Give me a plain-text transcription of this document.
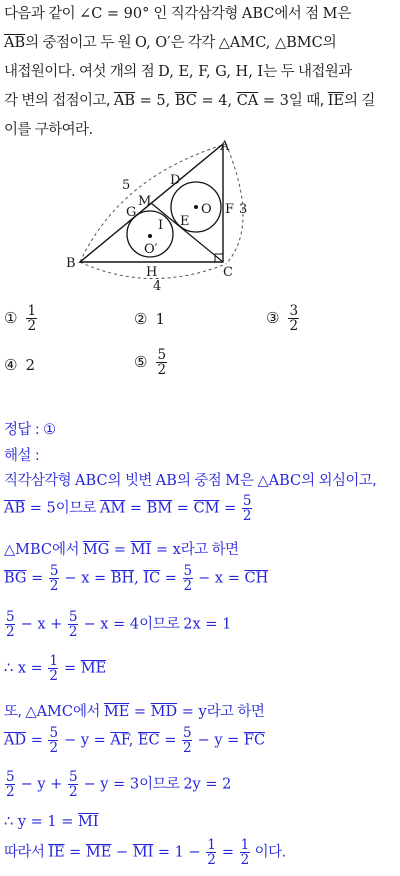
다음과 같이 ∠C = 90° 인 직각삼각형 ABC에서 점 M은
$\overline{AB}$의 중점이고 두 원 O, O′은 각각 △AMC, △BMC의
내접원이다. 여섯 개의 점 D, E, F, G, H, I는 두 내접원과
각 변의 접점이고, $\overline{AB} = 5$, $\overline{BC} = 4$, $\overline{CA} = 3$일 때, $\overline{IE}$의 길
이를 구하여라.
A
B
C
M
D
G	O
O′
I E
F
H
5
3
4
① $\frac{1}{2}$	② 1	③ $\frac{3}{2}$
④ 2	⑤ $\frac{5}{2}$
정답 : ①
해설 :
직각삼각형 ABC의 빗변 AB의 중점 M은 △ABC의 외심이고,
$\overline{AB} = 5$이므로 $\overline{AM} = \overline{BM} = \overline{CM} = \frac{5}{2}$
△MBC에서 $\overline{MG} = \overline{MI} = x$라고 하면
$\overline{BG} = \frac{5}{2} - x = \overline{BH}$, $\overline{IC} = \frac{5}{2} - x = \overline{CH}$
$\frac{5}{2} - x + \frac{5}{2} - x = 4$이므로 2x = 1
∴ $x = \frac{1}{2} = \overline{ME}$
또, △AMC에서 $\overline{ME} = \overline{MD} = y$라고 하면
$\overline{AD} = \frac{5}{2} - y = \overline{AF}$, $\overline{EC} = \frac{5}{2} - y = \overline{FC}$
$\frac{5}{2} - y + \frac{5}{2} - y = 3$이므로 2y = 2
∴ $y = 1 = \overline{MI}$
따라서 $\overline{IE} = \overline{ME} - \overline{MI} = 1 - \frac{1}{2} = \frac{1}{2}$ 이다.
